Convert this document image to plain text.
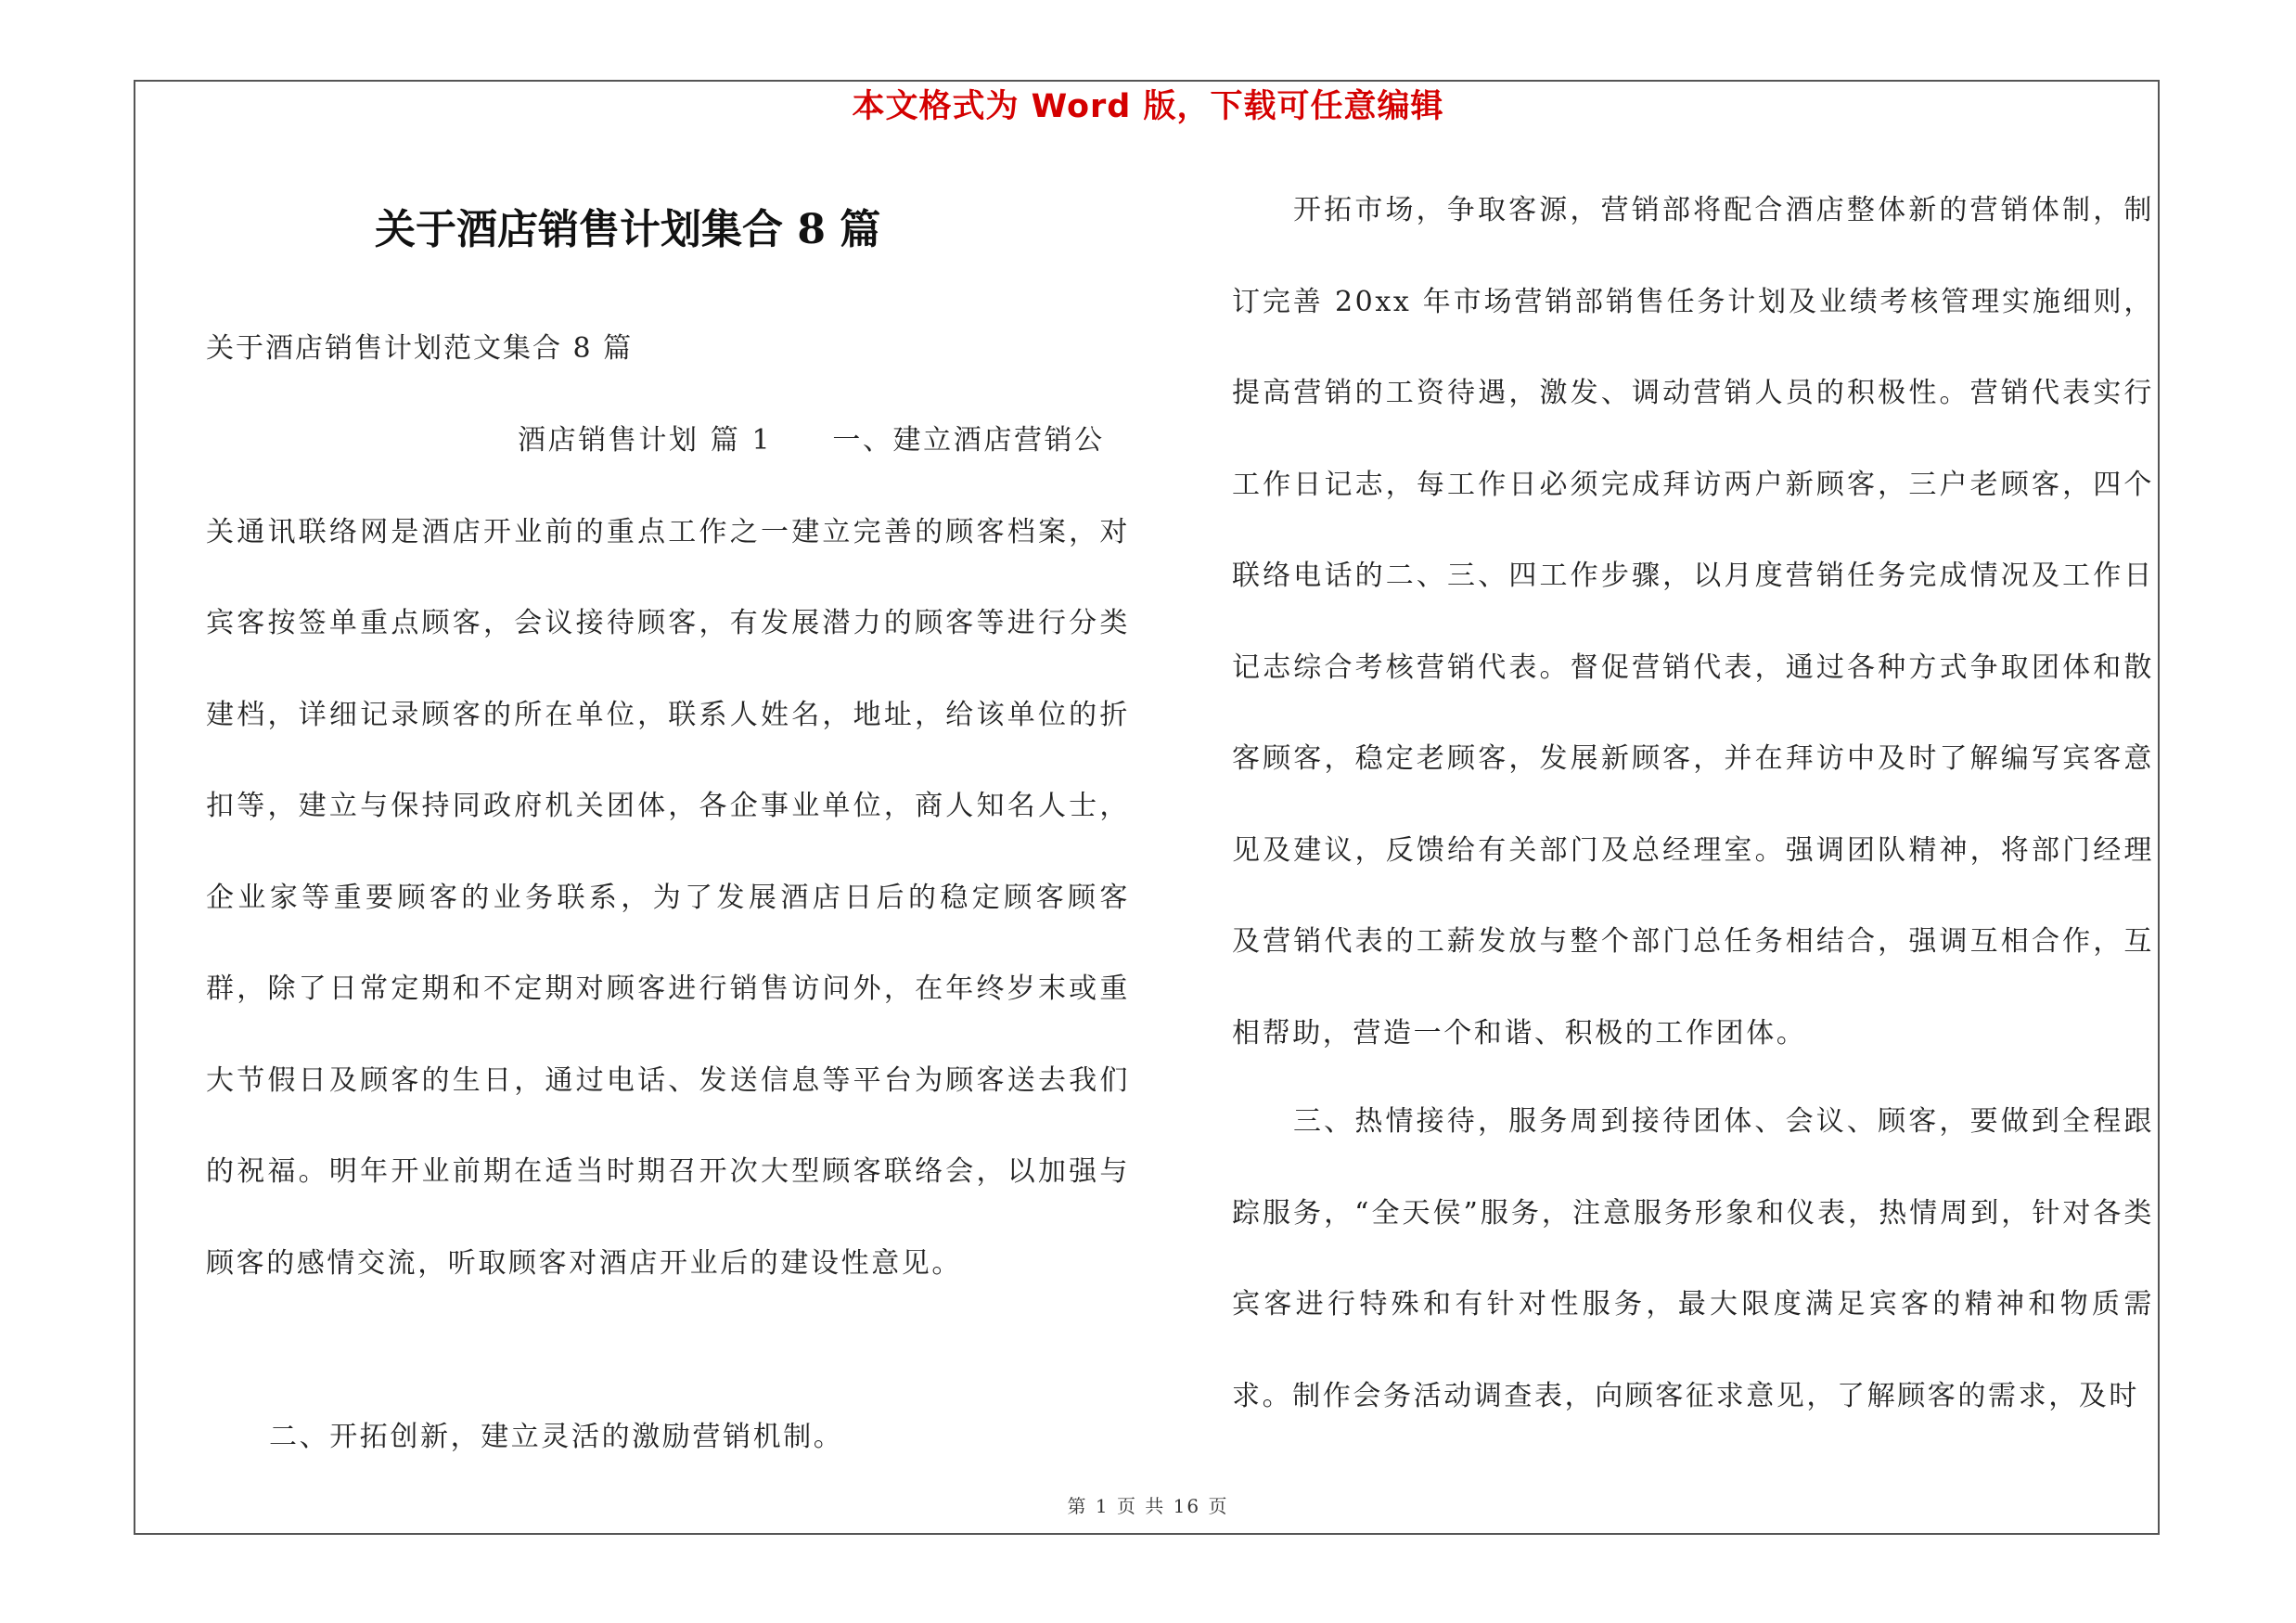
本文格式为 Word 版，下载可任意编辑
关于酒店销售计划集合 8 篇
关于酒店销售计划范文集合 8 篇

酒店销售计划 篇 1　　一、建立酒店营销公
关通讯联络网是酒店开业前的重点工作之一建立完善的顾客档案，对宾客按签单重点顾客，会议接待顾客，有发展潜力的顾客等进行分类建档，详细记录顾客的所在单位，联系人姓名，地址，给该单位的折扣等，建立与保持同政府机关团体，各企事业单位，商人知名人士，企业家等重要顾客的业务联系，为了发展酒店日后的稳定顾客顾客群，除了日常定期和不定期对顾客进行销售访问外，在年终岁末或重大节假日及顾客的生日，通过电话、发送信息等平台为顾客送去我们的祝福。明年开业前期在适当时期召开次大型顾客联络会，以加强与顾客的感情交流，听取顾客对酒店开业后的建设性意见。

二、开拓创新，建立灵活的激励营销机制。

开拓市场，争取客源，营销部将配合酒店整体新的营销体制，制订完善 20xx 年市场营销部销售任务计划及业绩考核管理实施细则，提高营销的工资待遇，激发、调动营销人员的积极性。营销代表实行工作日记志，每工作日必须完成拜访两户新顾客，三户老顾客，四个联络电话的二、三、四工作步骤，以月度营销任务完成情况及工作日记志综合考核营销代表。督促营销代表，通过各种方式争取团体和散客顾客，稳定老顾客，发展新顾客，并在拜访中及时了解编写宾客意见及建议，反馈给有关部门及总经理室。强调团队精神，将部门经理及营销代表的工薪发放与整个部门总任务相结合，强调互相合作，互相帮助，营造一个和谐、积极的工作团体。

三、热情接待，服务周到接待团体、会议、顾客，要做到全程跟踪服务，“全天侯”服务，注意服务形象和仪表，热情周到，针对各类宾客进行特殊和有针对性服务，最大限度满足宾客的精神和物质需求。制作会务活动调查表，向顾客征求意见，了解顾客的需求，及时

第 1 页 共 16 页
